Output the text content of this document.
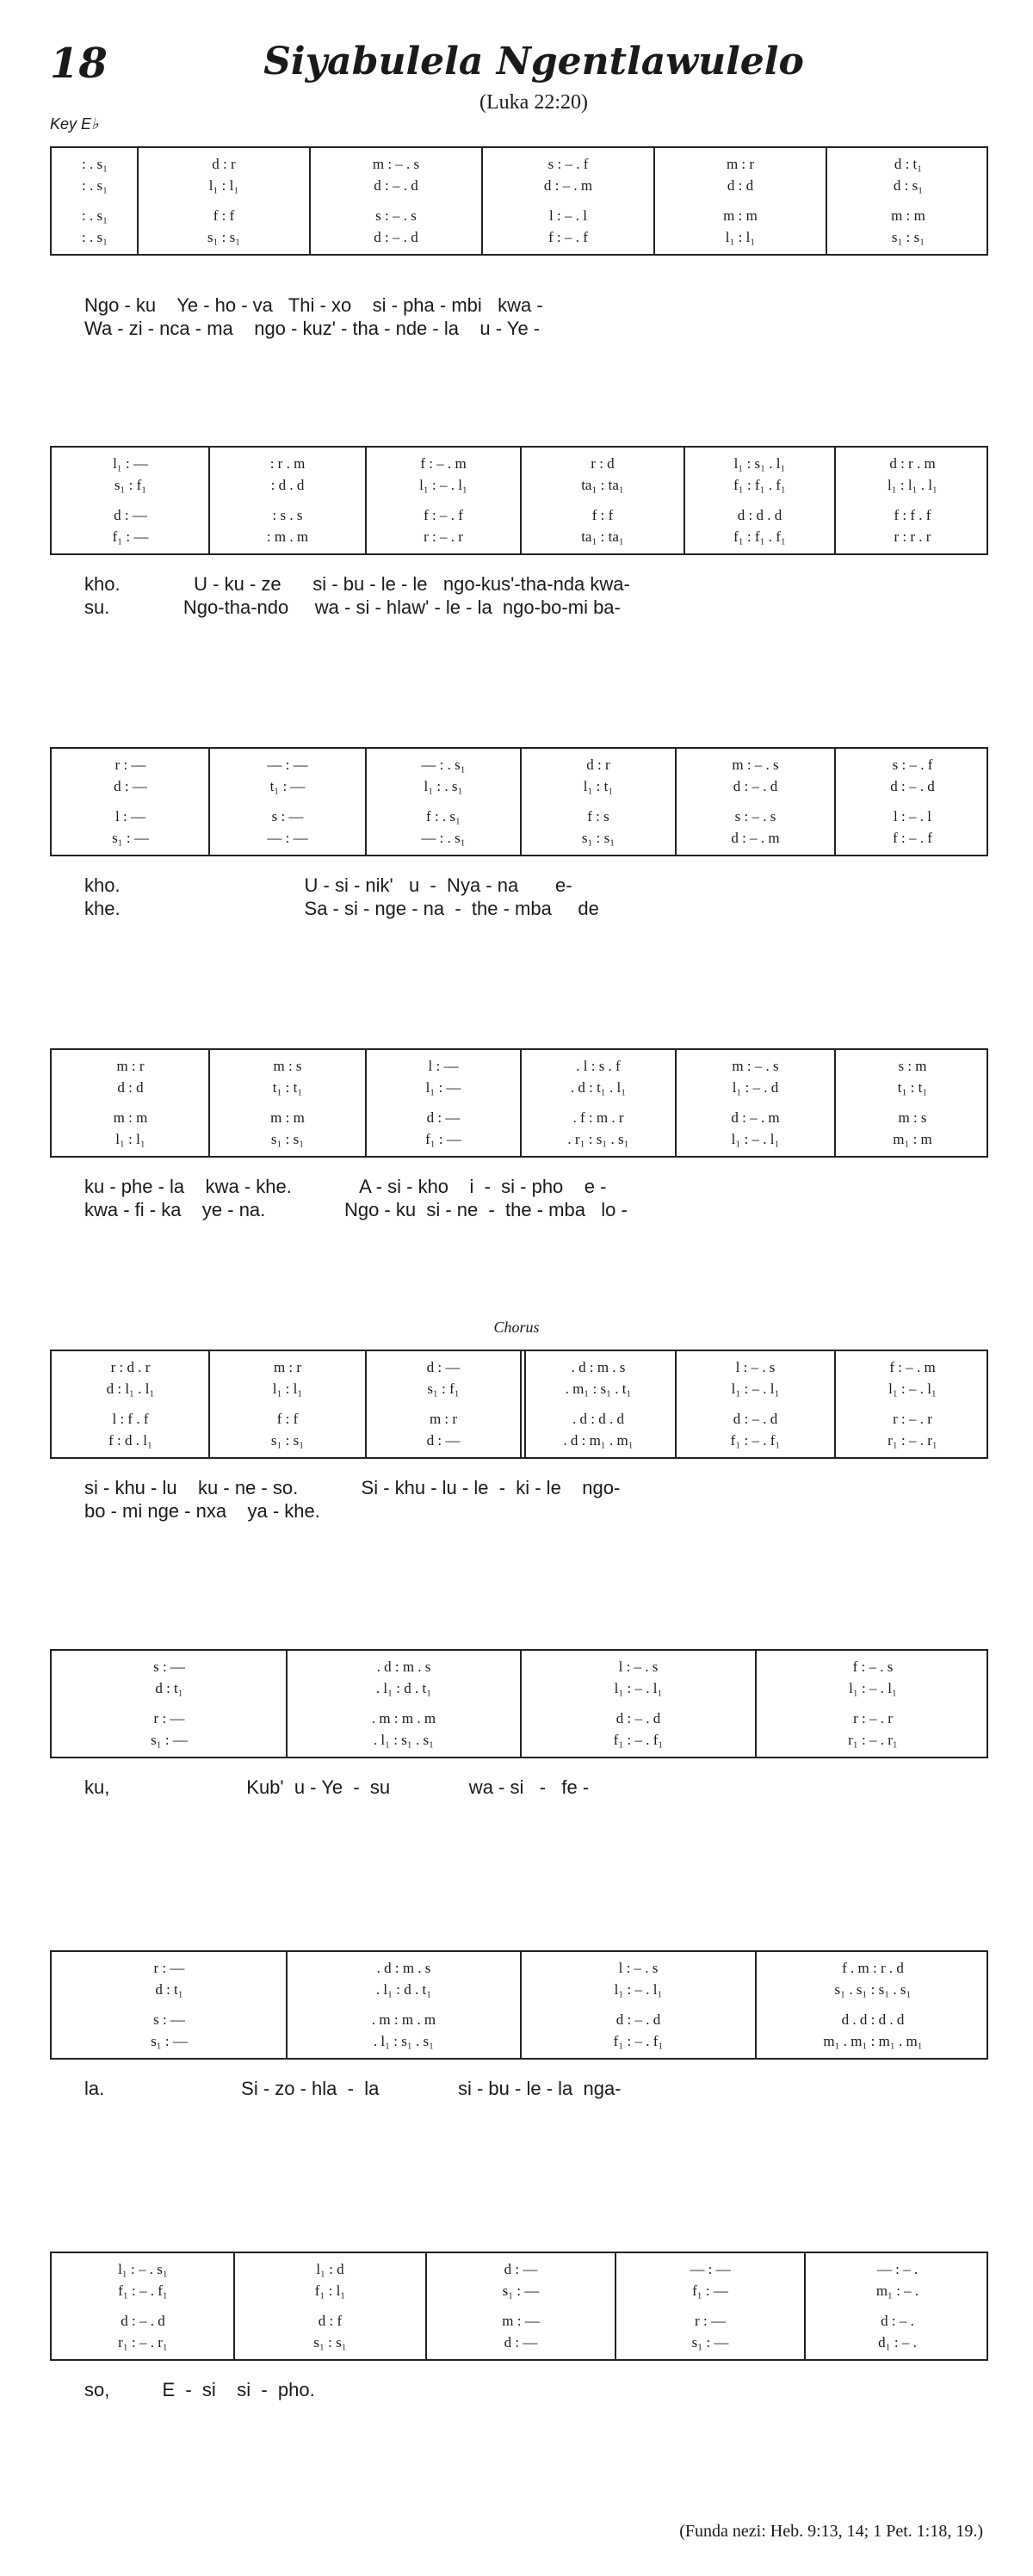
18	Siyabulela Ngentlawulelo
(Luka 22:20)
Key E♭
Chorus
: . s₁	d : r	m : – . s	s : – . f	m : r	d : t₁
: . s₁	l₁ : l₁	d : – . d	d : – . m	d : d	d : s₁
: . s₁	f : f	s : – . s	l : – . l	m : m	m : m
: . s₁	s₁ : s₁	d : – . d	f : – . f	l₁ : l₁	s₁ : s₁
Ngo - ku    Ye - ho - va   Thi - xo    si - pha - mbi   kwa -
Wa - zi - nca - ma    ngo - kuz' - tha - nde - la    u - Ye -
l₁ : —	: r . m	f : – . m	r : d	l₁ : s₁ . l₁	d : r . m
s₁ : f₁	: d . d	l₁ : – . l₁	ta₁ : ta₁	f₁ : f₁ . f₁	l₁ : l₁ . l₁
d : —	: s . s	f : – . f	f : f	d : d . d	f : f . f
f₁ : —	: m . m	r : – . r	ta₁ : ta₁	f₁ : f₁ . f₁	r : r . r
kho.              U - ku - ze      si - bu - le - le   ngo-kus'-tha-nda kwa-
su.              Ngo-tha-ndo     wa - si - hlaw' - le - la  ngo-bo-mi ba-
r : —	— : —	— : . s₁	d : r	m : – . s	s : – . f
d : —	t₁ : —	l₁ : . s₁	l₁ : t₁	d : – . d	d : – . d
l : —	s : —	f : . s₁	f : s	s : – . s	l : – . l
s₁ : —	— : —	— : . s₁	s₁ : s₁	d : – . m	f : – . f
kho.                                   U - si - nik'   u  -  Nya - na       e-
khe.                                   Sa - si - nge - na  -  the - mba     de
m : r	m : s	l : —	. l : s . f	m : – . s	s : m
d : d	t₁ : t₁	l₁ : —	. d : t₁ . l₁	l₁ : – . d	t₁ : t₁
m : m	m : m	d : —	. f : m . r	d : – . m	m : s
l₁ : l₁	s₁ : s₁	f₁ : —	. r₁ : s₁ . s₁	l₁ : – . l₁	m₁ : m
ku - phe - la    kwa - khe.             A - si - kho    i  -  si - pho    e -
kwa - fi - ka    ye - na.               Ngo - ku  si - ne  -  the - mba   lo -
r : d . r	m : r	d : —	. d : m . s	l : – . s	f : – . m
d : l₁ . l₁	l₁ : l₁	s₁ : f₁	. m₁ : s₁ . t₁	l₁ : – . l₁	l₁ : – . l₁
l : f . f	f : f	m : r	. d : d . d	d : – . d	r : – . r
f : d . l₁	s₁ : s₁	d : —	. d : m₁ . m₁	f₁ : – . f₁	r₁ : – . r₁
si - khu - lu    ku - ne - so.            Si - khu - lu - le  -  ki - le    ngo-
bo - mi nge - nxa    ya - khe.
s : —	. d : m . s	l : – . s	f : – . s
d : t₁	. l₁ : d . t₁	l₁ : – . l₁	l₁ : – . l₁
r : —	. m : m . m	d : – . d	r : – . r
s₁ : —	. l₁ : s₁ . s₁	f₁ : – . f₁	r₁ : – . r₁
ku,                          Kub'  u - Ye  -  su               wa - si   -   fe -
r : —	. d : m . s	l : – . s	f . m : r . d
d : t₁	. l₁ : d . t₁	l₁ : – . l₁	s₁ . s₁ : s₁ . s₁
s : —	. m : m . m	d : – . d	d . d : d . d
s₁ : —	. l₁ : s₁ . s₁	f₁ : – . f₁	m₁ . m₁ : m₁ . m₁
la.                          Si - zo - hla  -  la               si - bu - le - la  nga-
l₁ : – . s₁	l₁ : d	d : —	— : —	— : – .
f₁ : – . f₁	f₁ : l₁	s₁ : —	f₁ : —	m₁ : – .
d : – . d	d : f	m : —	r : —	d : – .
r₁ : – . r₁	s₁ : s₁	d : —	s₁ : —	d₁ : – .
so,          E  -  si    si  -  pho.
(Funda nezi: Heb. 9:13, 14; 1 Pet. 1:18, 19.)
